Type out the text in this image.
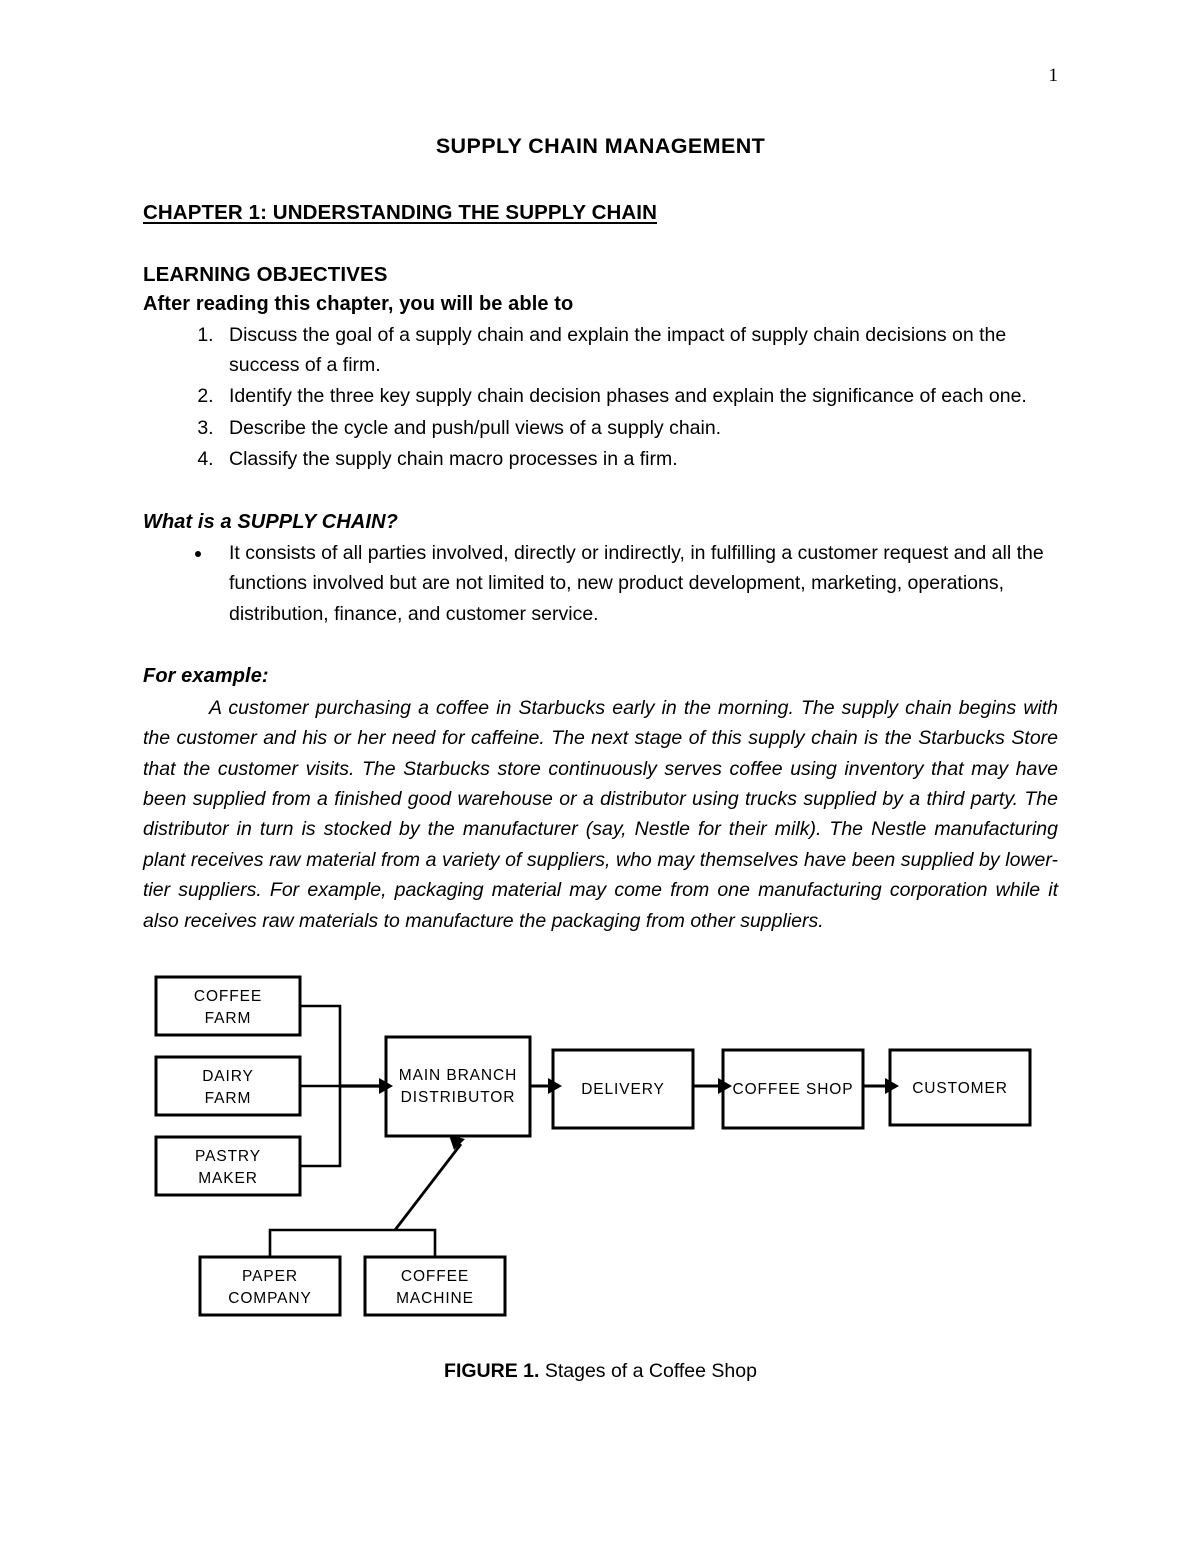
1
SUPPLY CHAIN MANAGEMENT
CHAPTER 1: UNDERSTANDING THE SUPPLY CHAIN
LEARNING OBJECTIVES
After reading this chapter, you will be able to
1. Discuss the goal of a supply chain and explain the impact of supply chain decisions on the success of a firm.
2. Identify the three key supply chain decision phases and explain the significance of each one.
3. Describe the cycle and push/pull views of a supply chain.
4. Classify the supply chain macro processes in a firm.
What is a SUPPLY CHAIN?
• It consists of all parties involved, directly or indirectly, in fulfilling a customer request and all the functions involved but are not limited to, new product development, marketing, operations, distribution, finance, and customer service.
For example:

A customer purchasing a coffee in Starbucks early in the morning. The supply chain begins with the customer and his or her need for caffeine. The next stage of this supply chain is the Starbucks Store that the customer visits. The Starbucks store continuously serves coffee using inventory that may have been supplied from a finished good warehouse or a distributor using trucks supplied by a third party. The distributor in turn is stocked by the manufacturer (say, Nestle for their milk). The Nestle manufacturing plant receives raw material from a variety of suppliers, who may themselves have been supplied by lower-tier suppliers. For example, packaging material may come from one manufacturing corporation while it also receives raw materials to manufacture the packaging from other suppliers.

COFFEE
FARM
DAIRY
FARM
PASTRY
MAKER
MAIN BRANCH
DISTRIBUTOR	DELIVERY	COFFEE SHOP	CUSTOMER
PAPER
COMPANY
COFFEE
MACHINE

FIGURE 1. Stages of a Coffee Shop
